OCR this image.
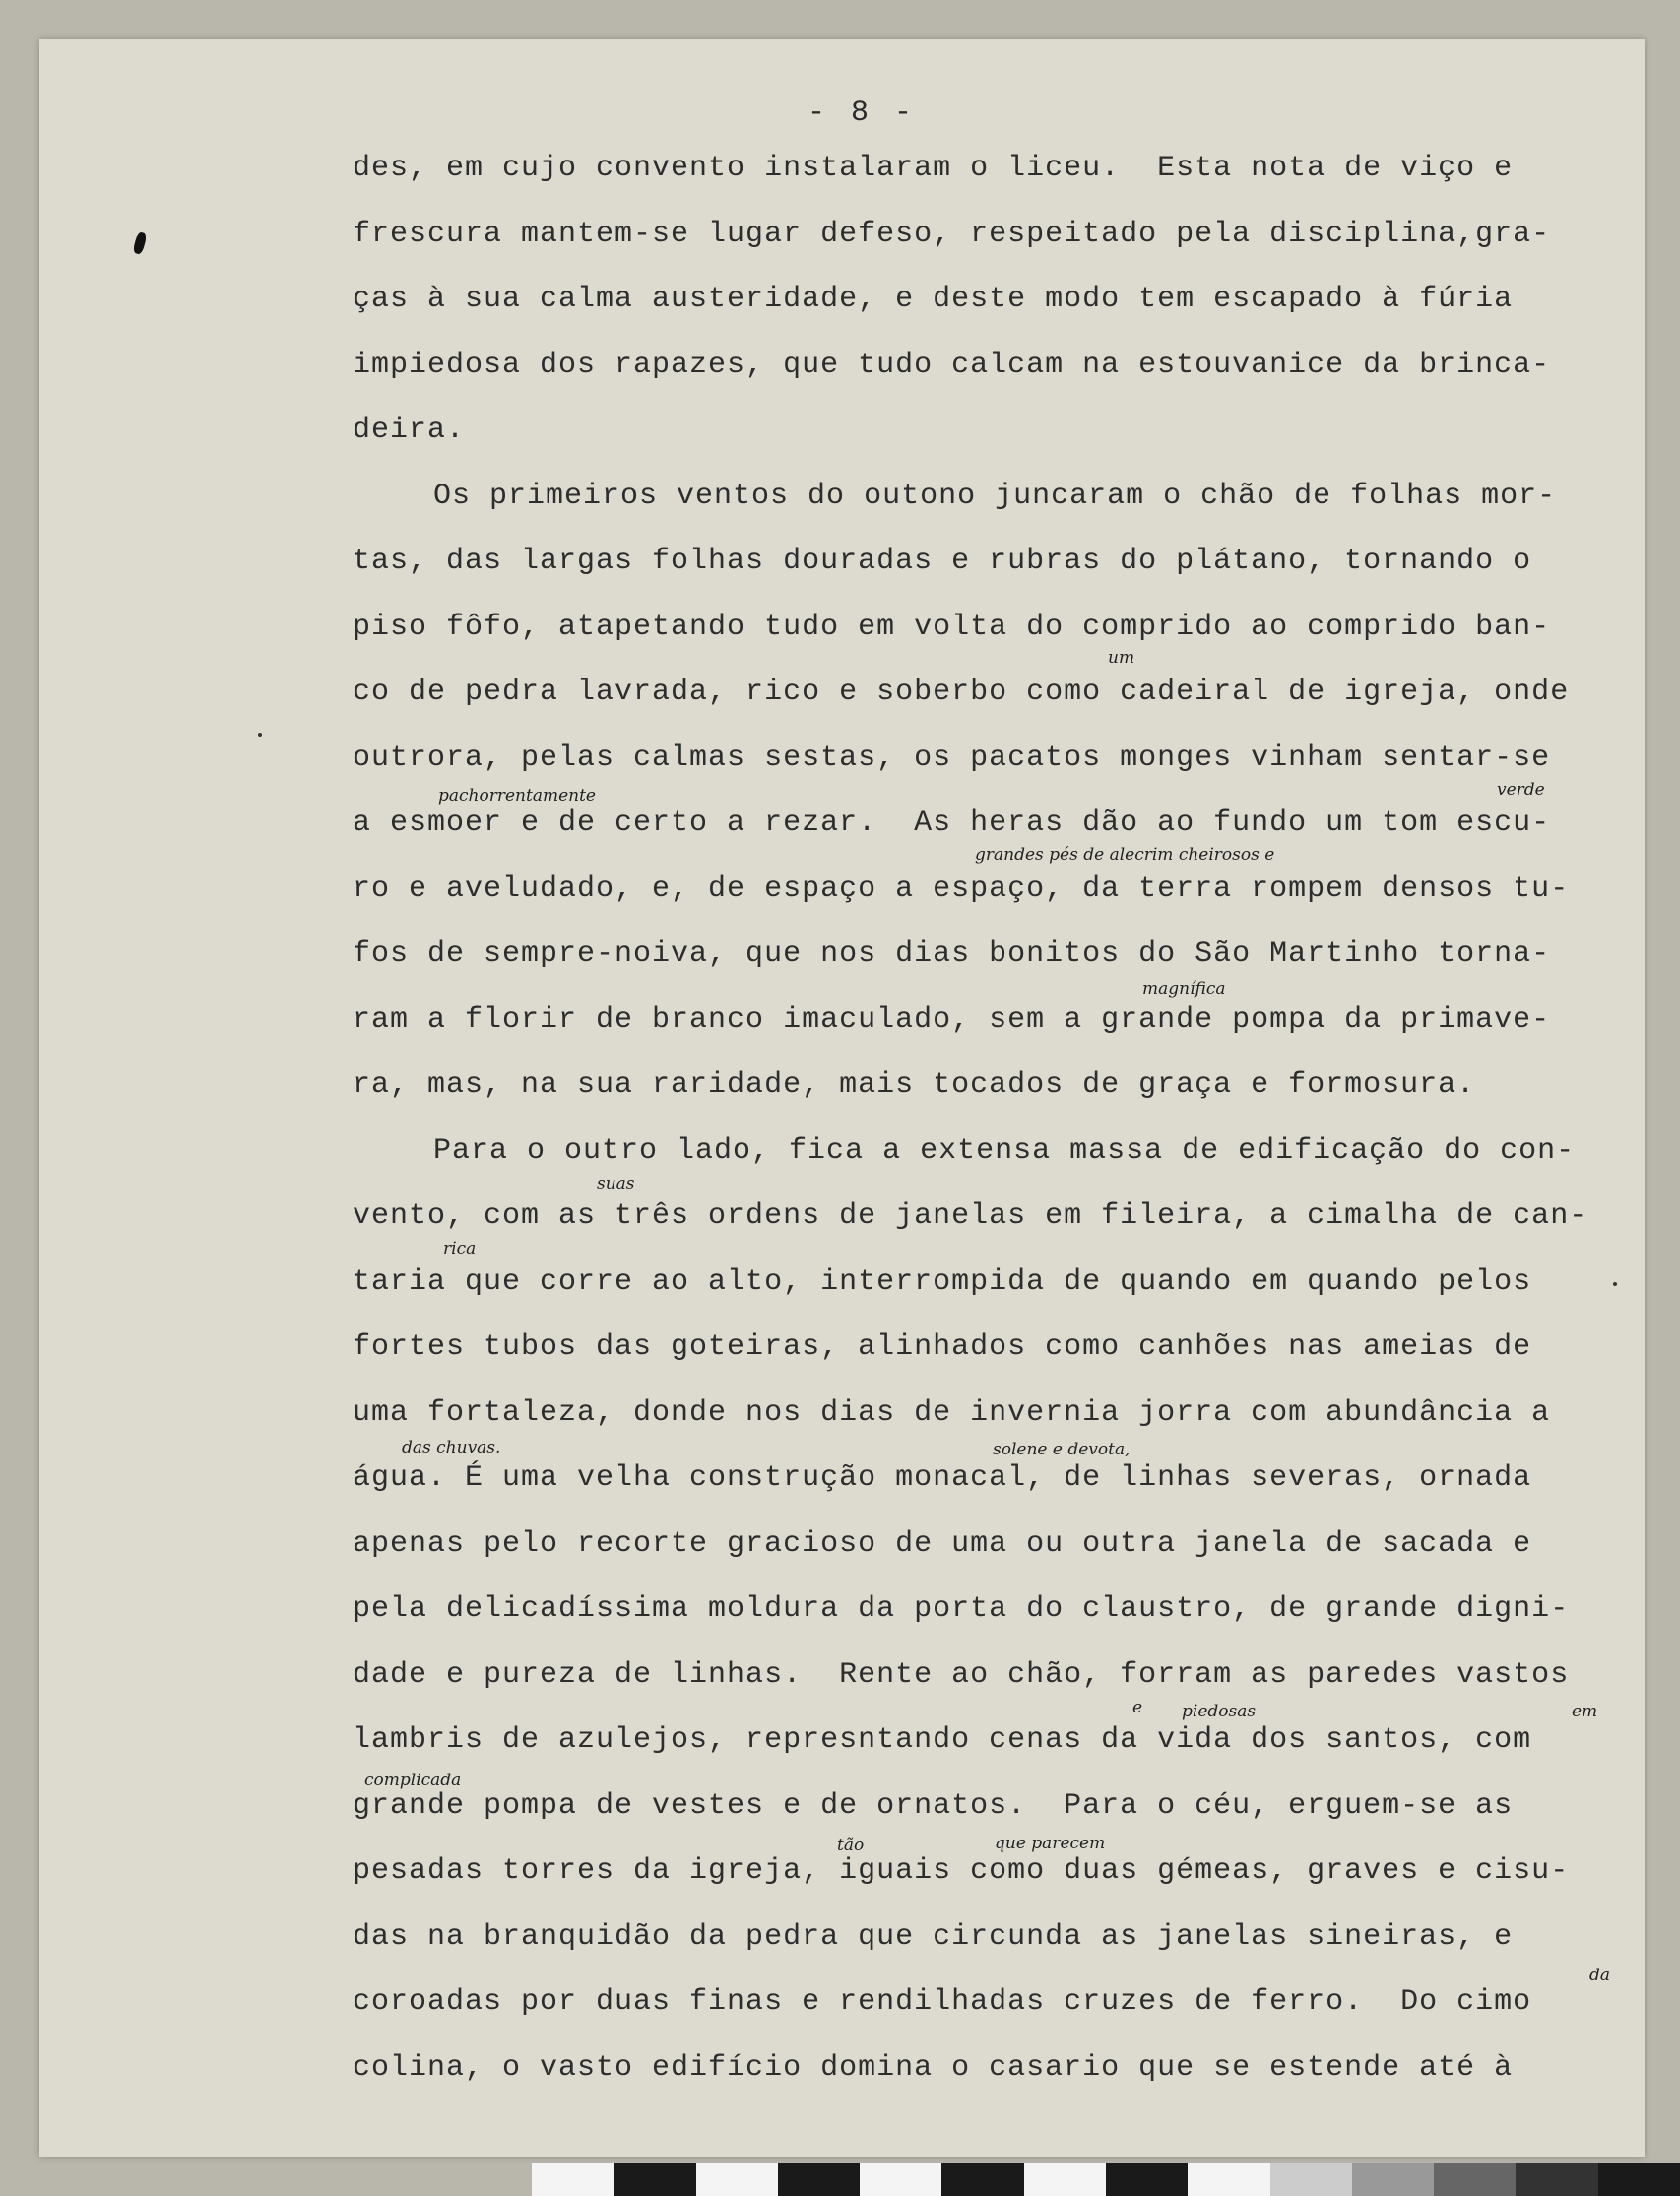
- 8 -
des, em cujo convento instalaram o liceu.  Esta nota de viço e
frescura mantem-se lugar defeso, respeitado pela disciplina,gra-
ças à sua calma austeridade, e deste modo tem escapado à fúria
impiedosa dos rapazes, que tudo calcam na estouvanice da brinca-
deira.
Os primeiros ventos do outono juncaram o chão de folhas mor-
tas, das largas folhas douradas e rubras do plátano, tornando o
piso fôfo, atapetando tudo em volta do comprido ao comprido ban-
co de pedra lavrada, rico e soberbo como cadeiral de igreja, onde
outrora, pelas calmas sestas, os pacatos monges vinham sentar-se
a esmoer e de certo a rezar.  As heras dão ao fundo um tom escu-
ro e aveludado, e, de espaço a espaço, da terra rompem densos tu-
fos de sempre-noiva, que nos dias bonitos do São Martinho torna-
ram a florir de branco imaculado, sem a grande pompa da primave-
ra, mas, na sua raridade, mais tocados de graça e formosura.
Para o outro lado, fica a extensa massa de edificação do con-
vento, com as três ordens de janelas em fileira, a cimalha de can-
taria que corre ao alto, interrompida de quando em quando pelos
fortes tubos das goteiras, alinhados como canhões nas ameias de
uma fortaleza, donde nos dias de invernia jorra com abundância a
água. É uma velha construção monacal, de linhas severas, ornada
apenas pelo recorte gracioso de uma ou outra janela de sacada e
pela delicadíssima moldura da porta do claustro, de grande digni-
dade e pureza de linhas.  Rente ao chão, forram as paredes vastos
lambris de azulejos, represntando cenas da vida dos santos, com
grande pompa de vestes e de ornatos.  Para o céu, erguem-se as
pesadas torres da igreja, iguais como duas gémeas, graves e cisu-
das na branquidão da pedra que circunda as janelas sineiras, e
coroadas por duas finas e rendilhadas cruzes de ferro.  Do cimo
colina, o vasto edifício domina o casario que se estende até à
um
pachorrentamente	verde
grandes pés de alecrim cheirosos e
magnífica
suas
rica
das chuvas.	solene e devota,
piedosas	em
complicada
tão	que parecem
da
e
